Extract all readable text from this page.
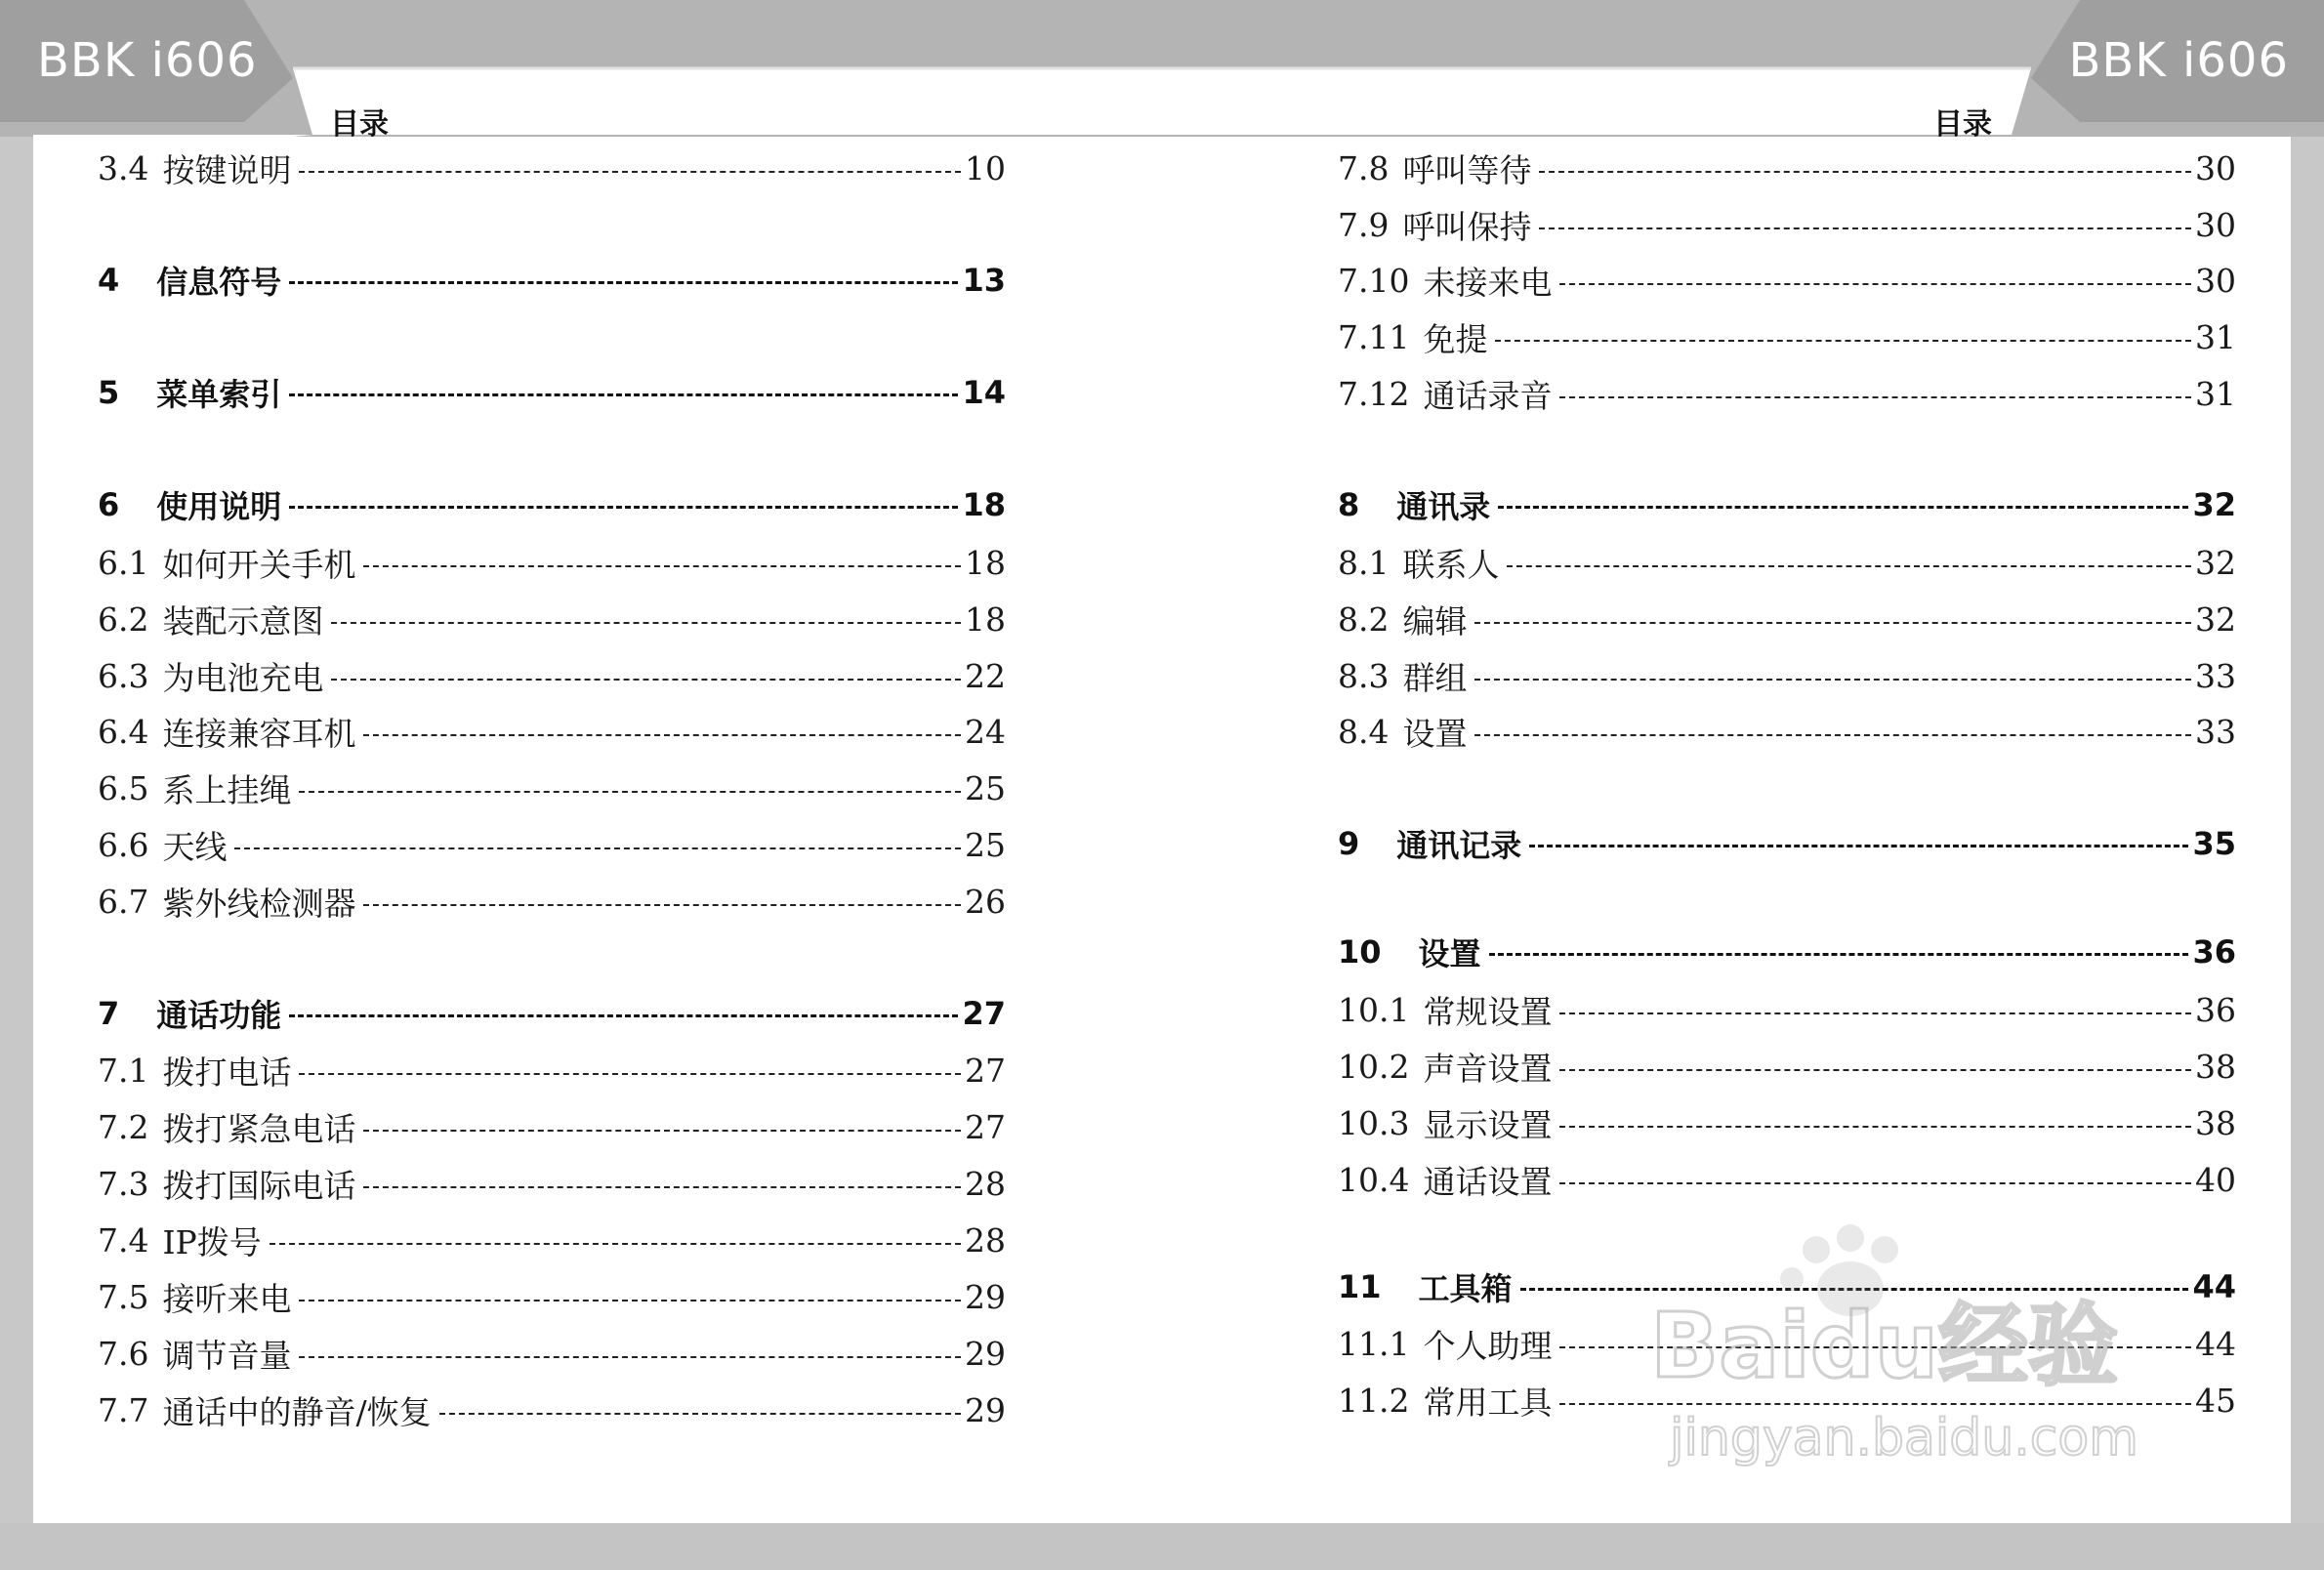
BBK i606	BBK i606
目录	目录
3.4 按键说明	10
4 信息符号	13
5 菜单索引	14
6 使用说明	18
6.1 如何开关手机	18
6.2 装配示意图	18
6.3 为电池充电	22
6.4 连接兼容耳机	24
6.5 系上挂绳	25
6.6 天线	25
6.7 紫外线检测器	26
7 通话功能	27
7.1 拨打电话	27
7.2 拨打紧急电话	27
7.3 拨打国际电话	28
7.4 IP拨号	28
7.5 接听来电	29
7.6 调节音量	29
7.7 通话中的静音/恢复	29
7.8 呼叫等待	30
7.9 呼叫保持	30
7.10 未接来电	30
7.11 免提	31
7.12 通话录音	31
8 通讯录	32
8.1 联系人	32
8.2 编辑	32
8.3 群组	33
8.4 设置	33
9 通讯记录	35
10 设置	36
10.1 常规设置	36
10.2 声音设置	38
10.3 显示设置	38
10.4 通话设置	40
11 工具箱	44
11.1 个人助理	44
11.2 常用工具	45
Baidu经验
jingyan.baidu.com
